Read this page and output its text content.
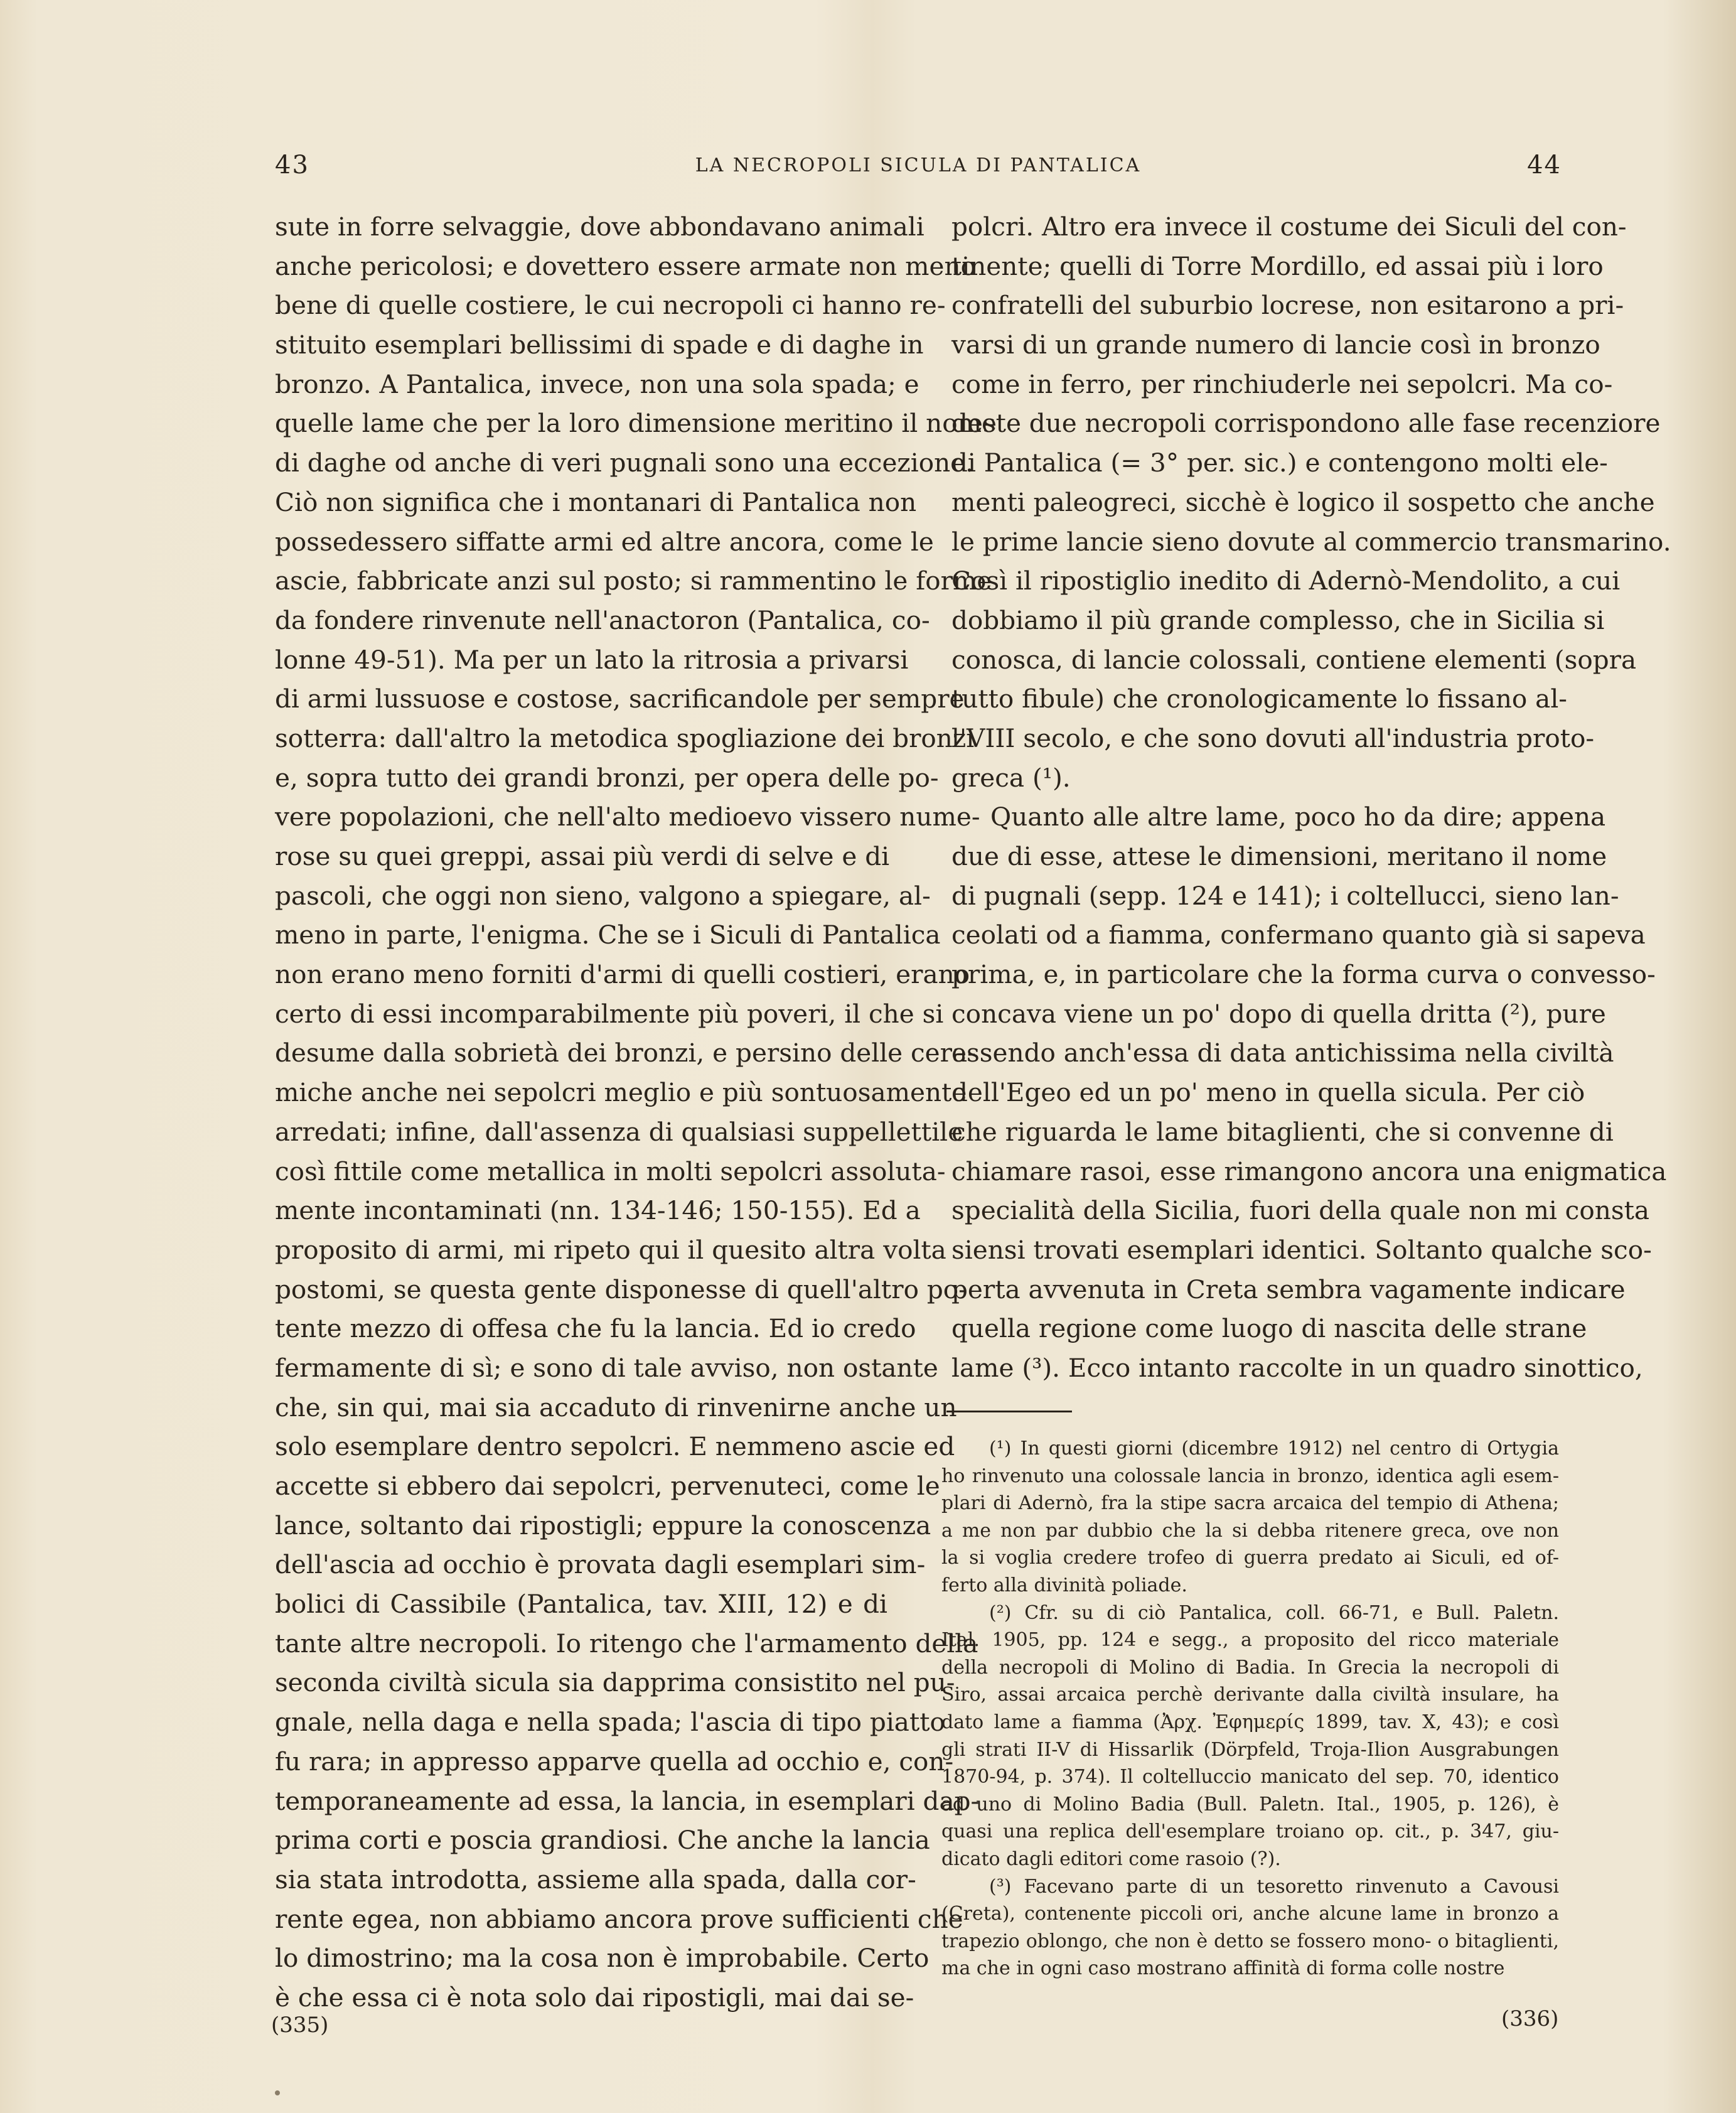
43	LA NECROPOLI SICULA DI PANTALICA	44
sute in forre selvaggie, dove abbondavano animali
anche pericolosi; e dovettero essere armate non meno
bene di quelle costiere, le cui necropoli ci hanno re-
stituito esemplari bellissimi di spade e di daghe in
bronzo. A Pantalica, invece, non una sola spada; e
quelle lame che per la loro dimensione meritino il nome
di daghe od anche di veri pugnali sono una eccezione.
Ciò non significa che i montanari di Pantalica non
possedessero siffatte armi ed altre ancora, come le
ascie, fabbricate anzi sul posto; si rammentino le forme
da fondere rinvenute nell'anactoron (Pantalica, co-
lonne 49-51). Ma per un lato la ritrosia a privarsi
di armi lussuose e costose, sacrificandole per sempre
sotterra: dall'altro la metodica spogliazione dei bronzi
e, sopra tutto dei grandi bronzi, per opera delle po-
vere popolazioni, che nell'alto medioevo vissero nume-
rose su quei greppi, assai più verdi di selve e di
pascoli, che oggi non sieno, valgono a spiegare, al-
meno in parte, l'enigma. Che se i Siculi di Pantalica
non erano meno forniti d'armi di quelli costieri, erano
certo di essi incomparabilmente più poveri, il che si
desume dalla sobrietà dei bronzi, e persino delle cera-
miche anche nei sepolcri meglio e più sontuosamente
arredati; infine, dall'assenza di qualsiasi suppellettile
così fittile come metallica in molti sepolcri assoluta-
mente incontaminati (nn. 134-146; 150-155). Ed a
proposito di armi, mi ripeto qui il quesito altra volta
postomi, se questa gente disponesse di quell'altro po-
tente mezzo di offesa che fu la lancia. Ed io credo
fermamente di sì; e sono di tale avviso, non ostante
che, sin qui, mai sia accaduto di rinvenirne anche un
solo esemplare dentro sepolcri. E nemmeno ascie ed
accette si ebbero dai sepolcri, pervenuteci, come le
lance, soltanto dai ripostigli; eppure la conoscenza
dell'ascia ad occhio è provata dagli esemplari sim-
bolici di Cassibile (Pantalica, tav. XIII, 12) e di
tante altre necropoli. Io ritengo che l'armamento della
seconda civiltà sicula sia dapprima consistito nel pu-
gnale, nella daga e nella spada; l'ascia di tipo piatto
fu rara; in appresso apparve quella ad occhio e, con-
temporaneamente ad essa, la lancia, in esemplari dap-
prima corti e poscia grandiosi. Che anche la lancia
sia stata introdotta, assieme alla spada, dalla cor-
rente egea, non abbiamo ancora prove sufficienti che
lo dimostrino; ma la cosa non è improbabile. Certo
è che essa ci è nota solo dai ripostigli, mai dai se-
polcri. Altro era invece il costume dei Siculi del con-
tinente; quelli di Torre Mordillo, ed assai più i loro
confratelli del suburbio locrese, non esitarono a pri-
varsi di un grande numero di lancie così in bronzo
come in ferro, per rinchiuderle nei sepolcri. Ma co-
deste due necropoli corrispondono alle fase recenziore
di Pantalica (= 3° per. sic.) e contengono molti ele-
menti paleogreci, sicchè è logico il sospetto che anche
le prime lancie sieno dovute al commercio transmarino.
Così il ripostiglio inedito di Adernò-Mendolito, a cui
dobbiamo il più grande complesso, che in Sicilia si
conosca, di lancie colossali, contiene elementi (sopra
tutto fibule) che cronologicamente lo fissano al-
l'VIII secolo, e che sono dovuti all'industria proto-
greca (¹).
Quanto alle altre lame, poco ho da dire; appena
due di esse, attese le dimensioni, meritano il nome
di pugnali (sepp. 124 e 141); i coltellucci, sieno lan-
ceolati od a fiamma, confermano quanto già si sapeva
prima, e, in particolare che la forma curva o convesso-
concava viene un po' dopo di quella dritta (²), pure
essendo anch'essa di data antichissima nella civiltà
dell'Egeo ed un po' meno in quella sicula. Per ciò
che riguarda le lame bitaglienti, che si convenne di
chiamare rasoi, esse rimangono ancora una enigmatica
specialità della Sicilia, fuori della quale non mi consta
siensi trovati esemplari identici. Soltanto qualche sco-
perta avvenuta in Creta sembra vagamente indicare
quella regione come luogo di nascita delle strane
lame (³). Ecco intanto raccolte in un quadro sinottico,
(¹) In questi giorni (dicembre 1912) nel centro di Ortygia
ho rinvenuto una colossale lancia in bronzo, identica agli esem-
plari di Adernò, fra la stipe sacra arcaica del tempio di Athena;
a me non par dubbio che la si debba ritenere greca, ove non
la si voglia credere trofeo di guerra predato ai Siculi, ed of-
ferto alla divinità poliade.
(²) Cfr. su di ciò Pantalica, coll. 66-71, e Bull. Paletn.
Ital. 1905, pp. 124 e segg., a proposito del ricco materiale
della necropoli di Molino di Badia. In Grecia la necropoli di
Siro, assai arcaica perchè derivante dalla civiltà insulare, ha
dato lame a fiamma (Ἀρχ. Ἐφημερίς 1899, tav. X, 43); e così
gli strati II-V di Hissarlik (Dörpfeld, Troja-Ilion Ausgrabungen
1870-94, p. 374). Il coltelluccio manicato del sep. 70, identico
ad uno di Molino Badia (Bull. Paletn. Ital., 1905, p. 126), è
quasi una replica dell'esemplare troiano op. cit., p. 347, giu-
dicato dagli editori come rasoio (?).
(³) Facevano parte di un tesoretto rinvenuto a Cavousi
(Creta), contenente piccoli ori, anche alcune lame in bronzo a
trapezio oblongo, che non è detto se fossero mono- o bitaglienti,
ma che in ogni caso mostrano affinità di forma colle nostre
(335)	(336)
